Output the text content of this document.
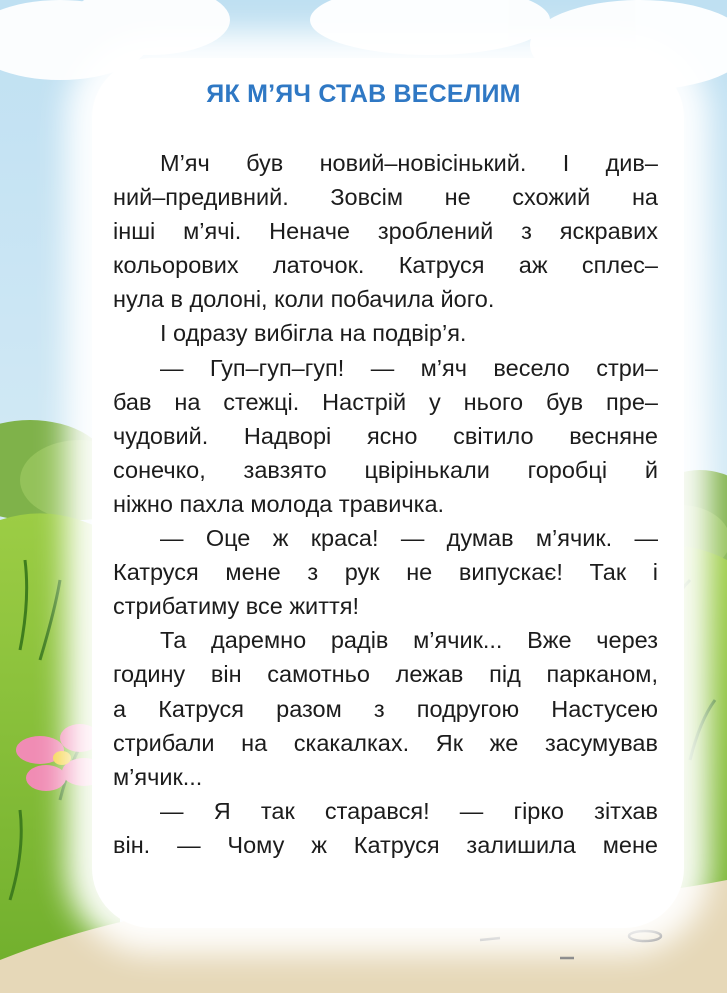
ЯК М’ЯЧ СТАВ ВЕСЕЛИМ
М’яч був новий–новісінький. І див–
ний–предивний. Зовсім не схожий на
інші м’ячі. Неначе зроблений з яскравих
кольорових латочок. Катруся аж сплес–
нула в долоні, коли побачила його.
І одразу вибігла на подвір’я.
— Гуп–гуп–гуп! — м’яч весело стри–
бав на стежці. Настрій у нього був пре–
чудовий. Надворі ясно світило весняне
сонечко, завзято цвірінькали горобці й
ніжно пахла молода травичка.
— Оце ж краса! — думав м’ячик. —
Катруся мене з рук не випускає! Так і
стрибатиму все життя!
Та даремно радів м’ячик... Вже через
годину він самотньо лежав під парканом,
а Катруся разом з подругою Настусею
стрибали на скакалках. Як же засумував
м’ячик...
— Я так старався! — гірко зітхав
він. — Чому ж Катруся залишила мене
